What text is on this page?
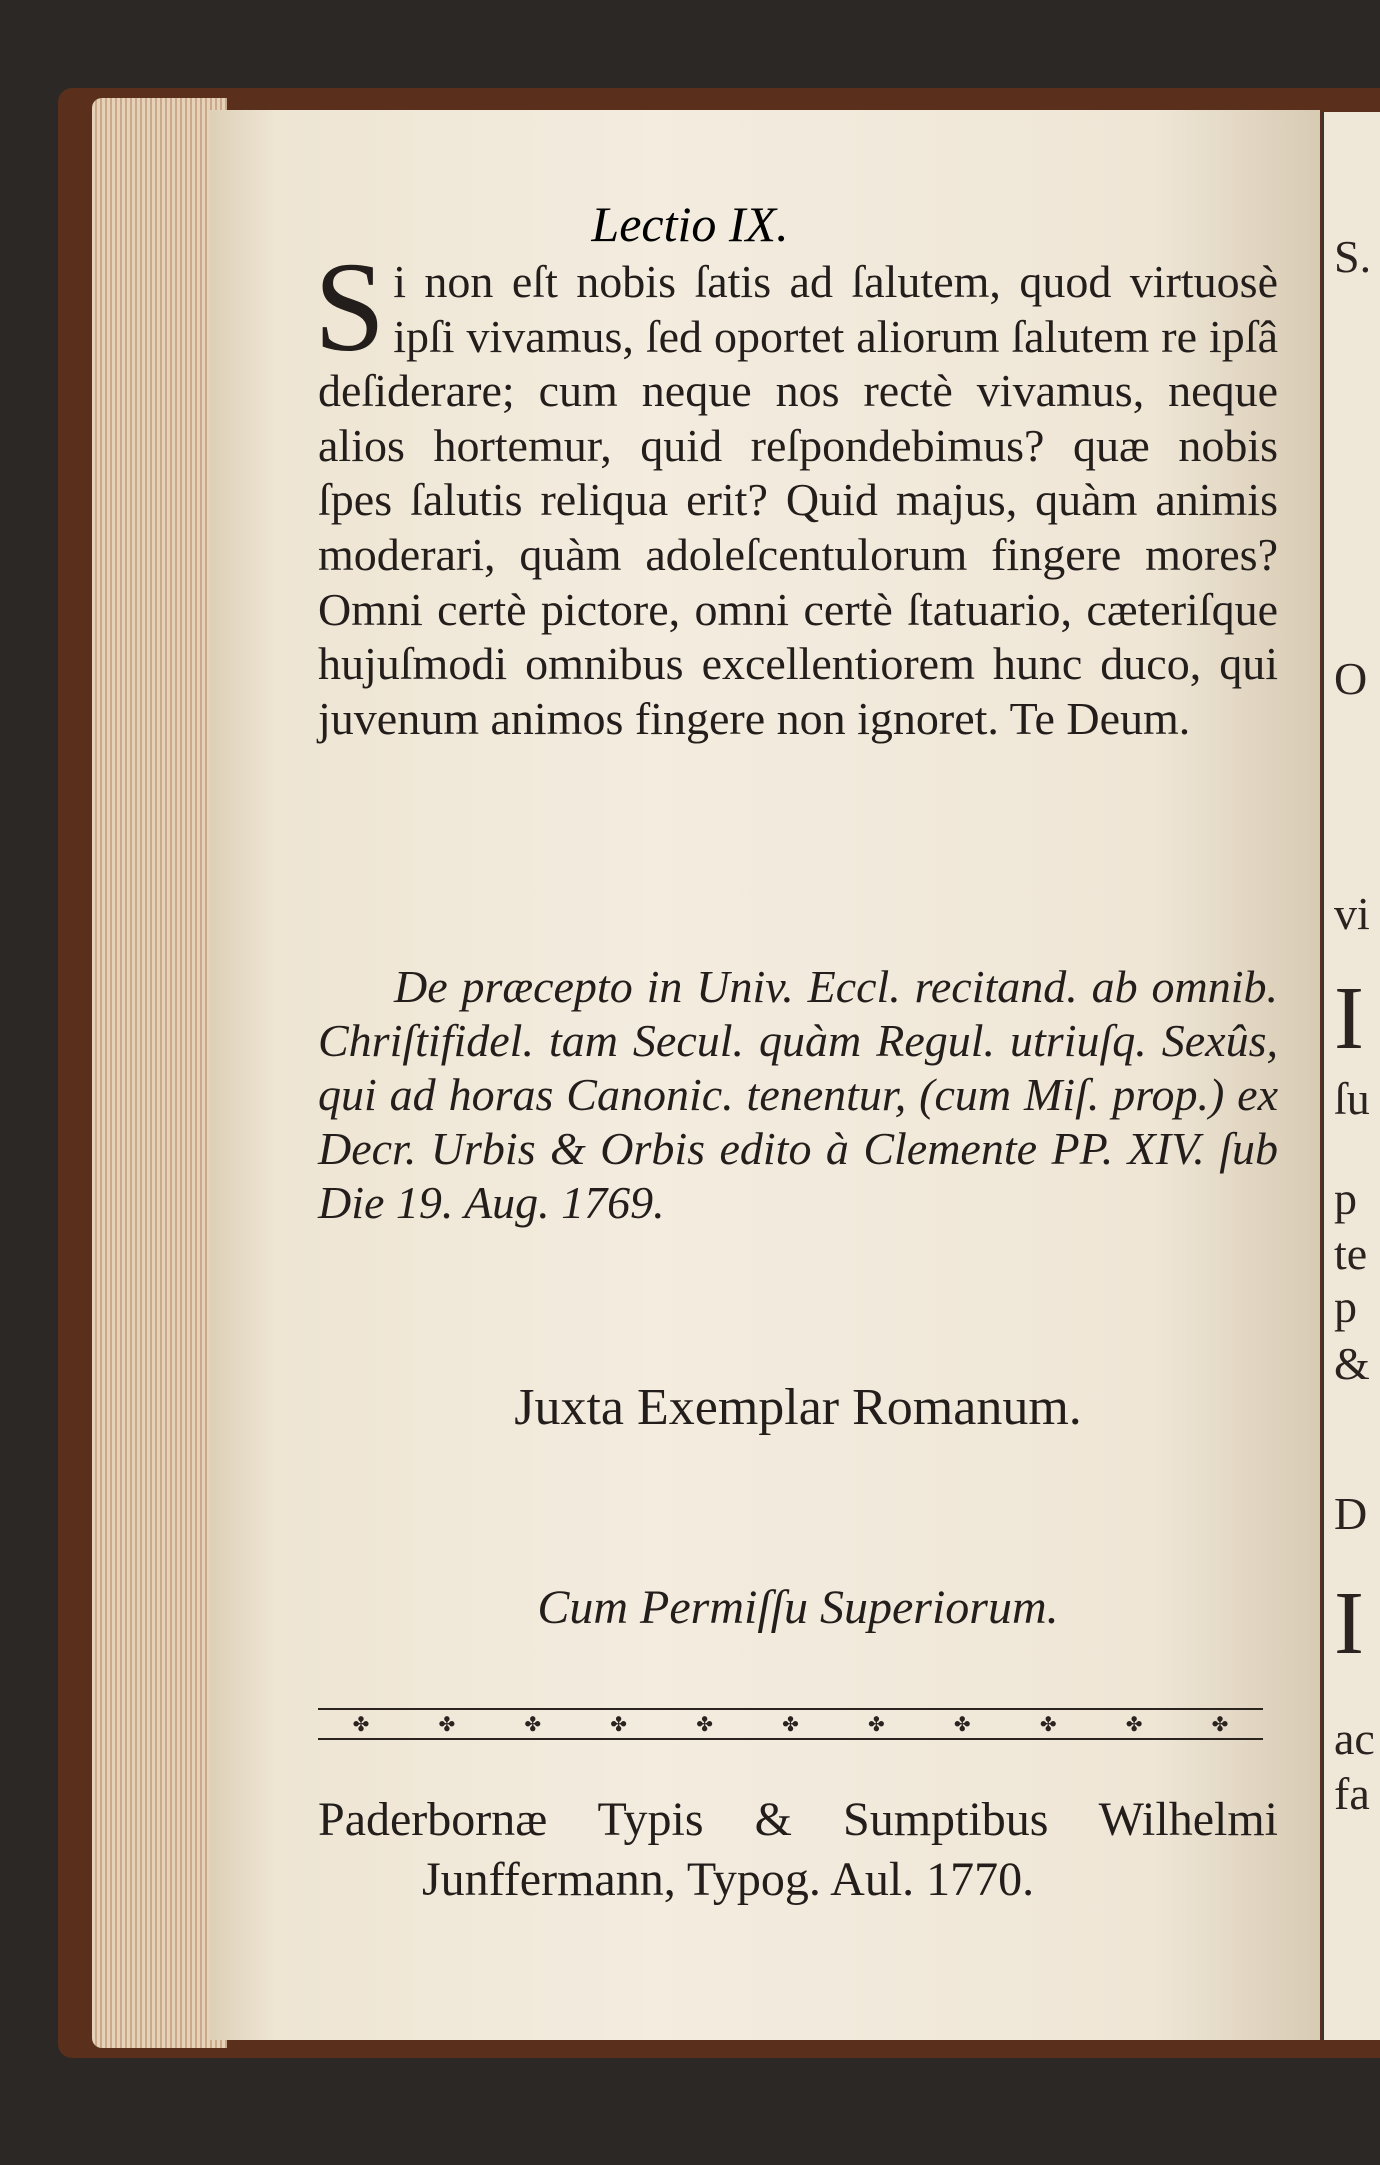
S.
O
vi
I
ſu
p
te
p
&
D
I
ac
fa
Lectio IX.

Si non eſt nobis ſatis ad ſalutem, quod virtuosè ipſi vivamus, ſed oportet aliorum ſalutem re ipſâ deſiderare; cum neque nos rectè vivamus, neque alios hortemur, quid reſpondebimus? quæ nobis ſpes ſalutis reliqua erit? Quid majus, quàm animis moderari, quàm adoleſcentulorum fingere mores? Omni certè pictore, omni certè ſtatuario, cæteriſque hujuſmodi omnibus excellentiorem hunc duco, qui juvenum animos fingere non ignoret. Te Deum.

De præcepto in Univ. Eccl. recitand. ab omnib. Chriſtifidel. tam Secul. quàm Regul. utriuſq. Sexûs, qui ad horas Canonic. tenentur, (cum Miſ. prop.) ex Decr. Urbis & Orbis edito à Clemente PP. XIV. ſub Die 19. Aug. 1769.

Juxta Exemplar Romanum.
Cum Permiſſu Superiorum.
✤	✤	✤	✤	✤	✤	✤	✤	✤	✤	✤

Paderbornæ Typis & Sumptibus Wilhelmi

Junffermann, Typog. Aul. 1770.
